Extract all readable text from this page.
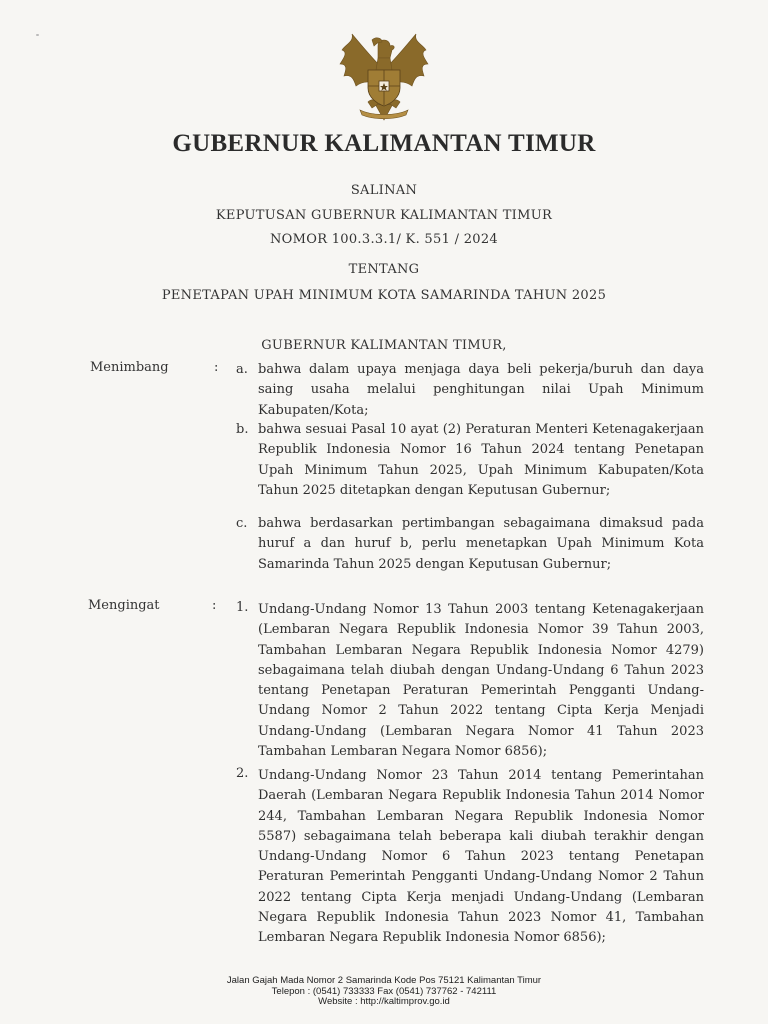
GUBERNUR KALIMANTAN TIMUR
SALINAN
KEPUTUSAN GUBERNUR KALIMANTAN TIMUR
NOMOR 100.3.3.1/ K. 551 / 2024
TENTANG
PENETAPAN UPAH MINIMUM KOTA SAMARINDA TAHUN 2025
GUBERNUR KALIMANTAN TIMUR,
Menimbang	: a. bahwa dalam upaya menjaga daya beli pekerja/buruh dan daya saing usaha melalui penghitungan nilai Upah Minimum Kabupaten/Kota;
b. bahwa sesuai Pasal 10 ayat (2) Peraturan Menteri Ketenagakerjaan Republik Indonesia Nomor 16 Tahun 2024 tentang Penetapan Upah Minimum Tahun 2025, Upah Minimum Kabupaten/Kota Tahun 2025 ditetapkan dengan Keputusan Gubernur;
c. bahwa berdasarkan pertimbangan sebagaimana dimaksud pada huruf a dan huruf b, perlu menetapkan Upah Minimum Kota Samarinda Tahun 2025 dengan Keputusan Gubernur;
Mengingat	: 1. Undang-Undang Nomor 13 Tahun 2003 tentang Ketenagakerjaan (Lembaran Negara Republik Indonesia Nomor 39 Tahun 2003, Tambahan Lembaran Negara Republik Indonesia Nomor 4279) sebagaimana telah diubah dengan Undang-Undang 6 Tahun 2023 tentang Penetapan Peraturan Pemerintah Pengganti Undang-Undang Nomor 2 Tahun 2022 tentang Cipta Kerja Menjadi Undang-Undang (Lembaran Negara Nomor 41 Tahun 2023 Tambahan Lembaran Negara Nomor 6856);
2. Undang-Undang Nomor 23 Tahun 2014 tentang Pemerintahan Daerah (Lembaran Negara Republik Indonesia Tahun 2014 Nomor 244, Tambahan Lembaran Negara Republik Indonesia Nomor 5587) sebagaimana telah beberapa kali diubah terakhir dengan Undang-Undang Nomor 6 Tahun 2023 tentang Penetapan Peraturan Pemerintah Pengganti Undang-Undang Nomor 2 Tahun 2022 tentang Cipta Kerja menjadi Undang-Undang (Lembaran Negara Republik Indonesia Tahun 2023 Nomor 41, Tambahan Lembaran Negara Republik Indonesia Nomor 6856);
Jalan Gajah Mada Nomor 2 Samarinda Kode Pos 75121 Kalimantan Timur
Telepon : (0541) 733333 Fax (0541) 737762 - 742111
Website : http://kaltimprov.go.id
